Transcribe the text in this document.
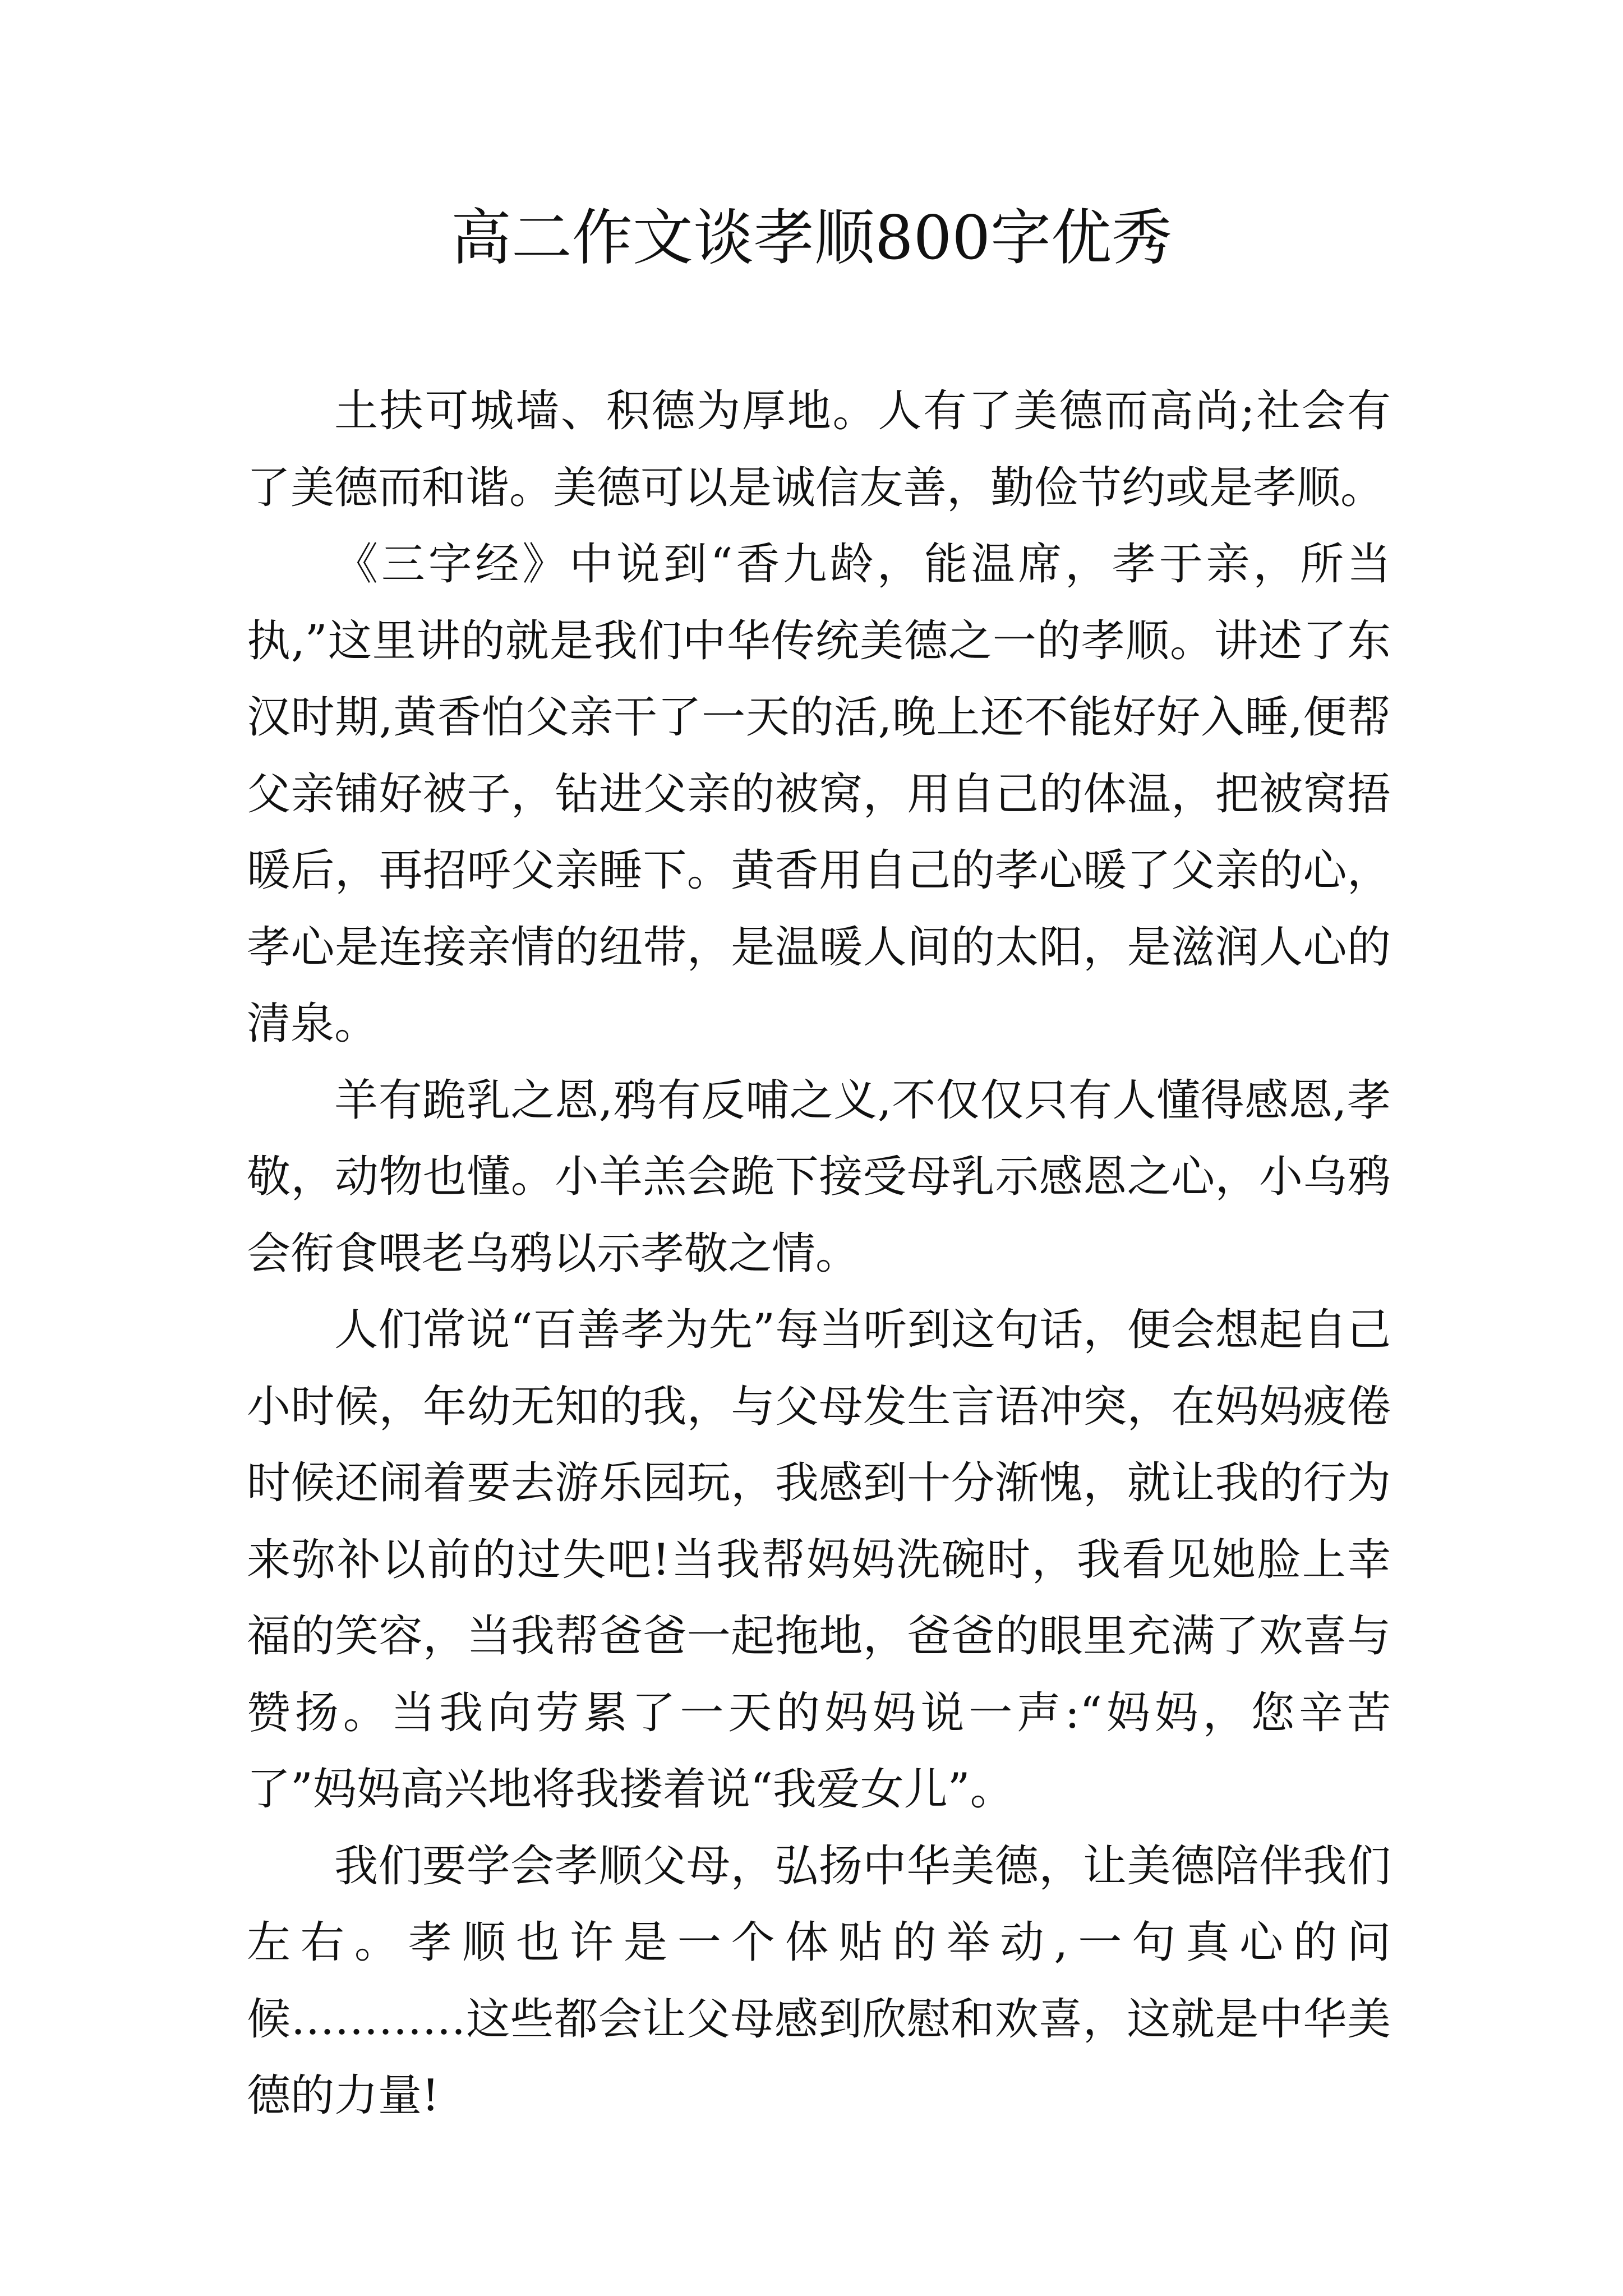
高二作文谈孝顺800字优秀

土扶可城墙、积德为厚地。人有了美德而高尚;社会有了美德而和谐。美德可以是诚信友善，勤俭节约或是孝顺。

《三字经》中说到“香九龄，能温席，孝于亲，所当执,”这里讲的就是我们中华传统美德之一的孝顺。讲述了东汉时期,黄香怕父亲干了一天的活,晚上还不能好好入睡,便帮父亲铺好被子，钻进父亲的被窝，用自己的体温，把被窝捂暖后，再招呼父亲睡下。黄香用自己的孝心暖了父亲的心，孝心是连接亲情的纽带，是温暖人间的太阳，是滋润人心的清泉。

羊有跪乳之恩,鸦有反哺之义,不仅仅只有人懂得感恩,孝敬，动物也懂。小羊羔会跪下接受母乳示感恩之心，小乌鸦会衔食喂老乌鸦以示孝敬之情。

人们常说“百善孝为先”每当听到这句话，便会想起自己小时候，年幼无知的我，与父母发生言语冲突，在妈妈疲倦时候还闹着要去游乐园玩，我感到十分渐愧，就让我的行为来弥补以前的过失吧!当我帮妈妈洗碗时，我看见她脸上幸福的笑容，当我帮爸爸一起拖地，爸爸的眼里充满了欢喜与赞扬。当我向劳累了一天的妈妈说一声:“妈妈，您辛苦了”妈妈高兴地将我搂着说“我爱女儿”。

我们要学会孝顺父母，弘扬中华美德，让美德陪伴我们左右。孝顺也许是一个体贴的举动,一句真心的问候…………这些都会让父母感到欣慰和欢喜，这就是中华美德的力量!
